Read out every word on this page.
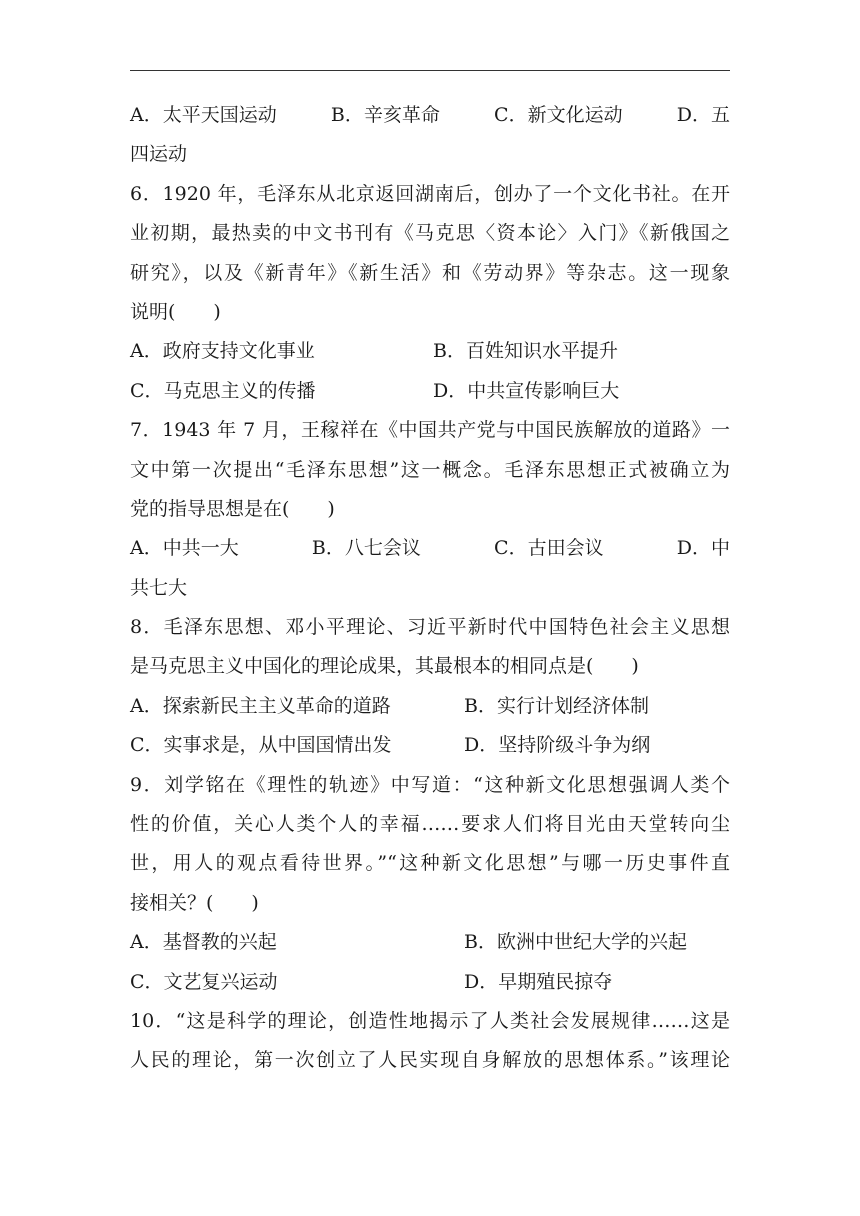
A．太平天国运动	B．辛亥革命	C．新文化运动	D．五
四运动
6．1920 年，毛泽东从北京返回湖南后，创办了一个文化书社。在开
业初期，最热卖的中文书刊有《马克思〈资本论〉入门》《新俄国之
研究》，以及《新青年》《新生活》和《劳动界》等杂志。这一现象
说明(　　)
A．政府支持文化事业	B．百姓知识水平提升
C．马克思主义的传播	D．中共宣传影响巨大
7．1943 年 7 月，王稼祥在《中国共产党与中国民族解放的道路》一
文中第一次提出“毛泽东思想”这一概念。毛泽东思想正式被确立为
党的指导思想是在(　　)
A．中共一大	B．八七会议	C．古田会议	D．中
共七大
8．毛泽东思想、邓小平理论、习近平新时代中国特色社会主义思想
是马克思主义中国化的理论成果，其最根本的相同点是(　　)
A．探索新民主主义革命的道路	B．实行计划经济体制
C．实事求是，从中国国情出发	D．坚持阶级斗争为纲
9．刘学铭在《理性的轨迹》中写道：“这种新文化思想强调人类个
性的价值，关心人类个人的幸福……要求人们将目光由天堂转向尘
世，用人的观点看待世界。”“这种新文化思想”与哪一历史事件直
接相关？(　　)
A．基督教的兴起	B．欧洲中世纪大学的兴起
C．文艺复兴运动	D．早期殖民掠夺
10．“这是科学的理论，创造性地揭示了人类社会发展规律……这是
人民的理论，第一次创立了人民实现自身解放的思想体系。”该理论
